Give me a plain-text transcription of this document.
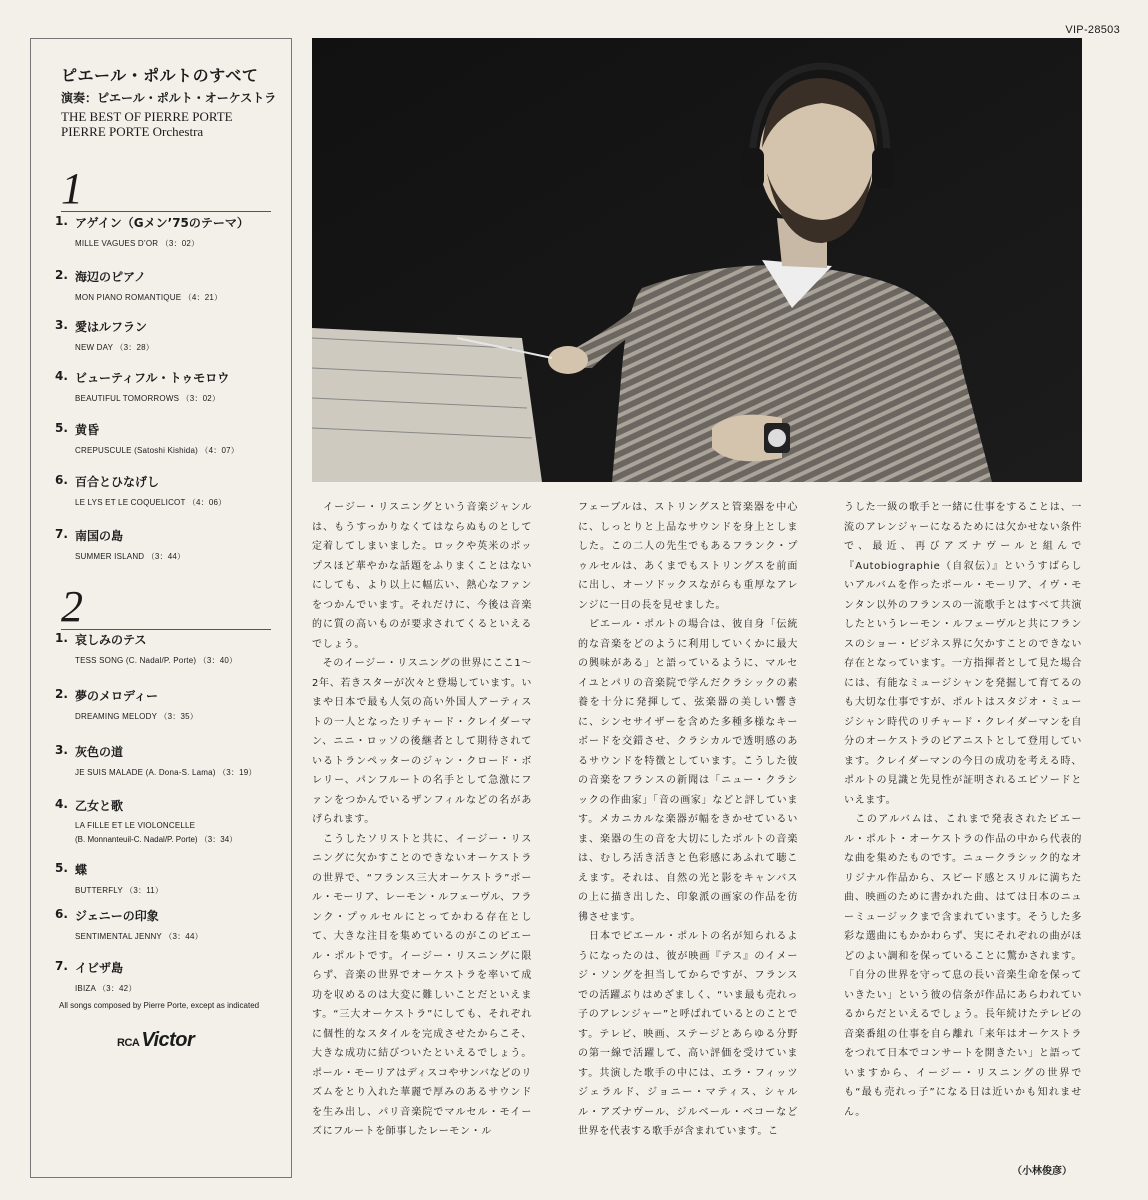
VIP-28503
ピエール・ポルトのすべて
演奏：ピエール・ポルト・オーケストラ
THE BEST OF PIERRE PORTE
PIERRE PORTE Orchestra
1
1. アゲイン（Gメン’75のテーマ）
MILLE VAGUES D’OR （3：02）
2. 海辺のピアノ
MON PIANO ROMANTIQUE （4：21）
3. 愛はルフラン
NEW DAY （3：28）
4. ビューティフル・トゥモロウ
BEAUTIFUL TOMORROWS （3：02）
5. 黄昏
CREPUSCULE (Satoshi Kishida) （4：07）
6. 百合とひなげし
LE LYS ET LE COQUELICOT （4：06）
7. 南国の島
SUMMER ISLAND （3：44）
2
1. 哀しみのテス
TESS SONG (C. Nadal/P. Porte) （3：40）
2. 夢のメロディー
DREAMING MELODY （3：35）
3. 灰色の道
JE SUIS MALADE (A. Dona-S. Lama) （3：19）
4. 乙女と歌
LA FILLE ET LE VIOLONCELLE
(B. Monnanteuil-C. Nadal/P. Porte) （3：34）
5. 蝶
BUTTERFLY （3：11）
6. ジェニーの印象
SENTIMENTAL JENNY （3：44）
7. イビザ島
IBIZA （3：42）
All songs composed by Pierre Porte, except as indicated
RCA Victor
　イージー・リスニングという音楽ジャンルは、もうすっかりなくてはならぬものとして定着してしまいました。ロックや英米のポップスほど華やかな話題をふりまくことはないにしても、より以上に幅広い、熱心なファンをつかんでいます。それだけに、今後は音楽的に質の高いものが要求されてくるといえるでしょう。
　そのイージー・リスニングの世界にここ1～2年、若きスターが次々と登場しています。いまや日本で最も人気の高い外国人アーティストの一人となったリチャード・クレイダーマン、ニニ・ロッソの後継者として期待されているトランペッターのジャン・クロード・ボレリー、パンフルートの名手として急激にファンをつかんでいるザンフィルなどの名があげられます。
　こうしたソリストと共に、イージー・リスニングに欠かすことのできないオーケストラの世界で、“フランス三大オーケストラ”ポール・モーリア、レーモン・ルフェーヴル、フランク・プゥルセルにとってかわる存在として、大きな注目を集めているのがこのピエール・ポルトです。イージー・リスニングに限らず、音楽の世界でオーケストラを率いて成功を収めるのは大変に難しいことだといえます。“三大オーケストラ”にしても、それぞれに個性的なスタイルを完成させたからこそ、大きな成功に結びついたといえるでしょう。ポール・モーリアはディスコやサンバなどのリズムをとり入れた華麗で厚みのあるサウンドを生み出し、パリ音楽院でマルセル・モイーズにフルートを師事したレーモン・ル
フェーブルは、ストリングスと管楽器を中心に、しっとりと上品なサウンドを身上としました。この二人の先生でもあるフランク・プゥルセルは、あくまでもストリングスを前面に出し、オーソドックスながらも重厚なアレンジに一日の長を見せました。
　ピエール・ポルトの場合は、彼自身「伝統的な音楽をどのように利用していくかに最大の興味がある」と語っているように、マルセイユとパリの音楽院で学んだクラシックの素養を十分に発揮して、弦楽器の美しい響きに、シンセサイザーを含めた多種多様なキーボードを交錯させ、クラシカルで透明感のあるサウンドを特徴としています。こうした彼の音楽をフランスの新聞は「ニュー・クラシックの作曲家」「音の画家」などと評しています。メカニカルな楽器が幅をきかせているいま、楽器の生の音を大切にしたポルトの音楽は、むしろ活き活きと色彩感にあふれて聴こえます。それは、自然の光と影をキャンバスの上に描き出した、印象派の画家の作品を彷彿させます。
　日本でピエール・ポルトの名が知られるようになったのは、彼が映画『テス』のイメージ・ソングを担当してからですが、フランスでの活躍ぶりはめざましく、“いま最も売れっ子のアレンジャー”と呼ばれているとのことです。テレビ、映画、ステージとあらゆる分野の第一線で活躍して、高い評価を受けています。共演した歌手の中には、エラ・フィッツジェラルド、ジョニー・マティス、シャルル・アズナヴール、ジルベール・ベコーなど世界を代表する歌手が含まれています。こ
うした一級の歌手と一緒に仕事をすることは、一流のアレンジャーになるためには欠かせない条件で、最近、再びアズナヴールと組んで『Autobiographie（自叙伝）』というすばらしいアルバムを作ったポール・モーリア、イヴ・モンタン以外のフランスの一流歌手とはすべて共演したというレーモン・ルフェーヴルと共にフランスのショー・ビジネス界に欠かすことのできない存在となっています。一方指揮者として見た場合には、有能なミュージシャンを発掘して育てるのも大切な仕事ですが、ポルトはスタジオ・ミュージシャン時代のリチャード・クレイダーマンを自分のオーケストラのピアニストとして登用しています。クレイダーマンの今日の成功を考える時、ポルトの見識と先見性が証明されるエピソードといえます。
　このアルバムは、これまで発表されたピエール・ポルト・オーケストラの作品の中から代表的な曲を集めたものです。ニュークラシック的なオリジナル作品から、スピード感とスリルに満ちた曲、映画のために書かれた曲、はては日本のニューミュージックまで含まれています。そうした多彩な選曲にもかかわらず、実にそれぞれの曲がほどのよい調和を保っていることに驚かされます。「自分の世界を守って息の長い音楽生命を保っていきたい」という彼の信条が作品にあらわれているからだといえるでしょう。長年続けたテレビの音楽番組の仕事を自ら離れ「来年はオーケストラをつれて日本でコンサートを開きたい」と語っていますから、イージー・リスニングの世界でも“最も売れっ子”になる日は近いかも知れません。
（小林俊彦）
